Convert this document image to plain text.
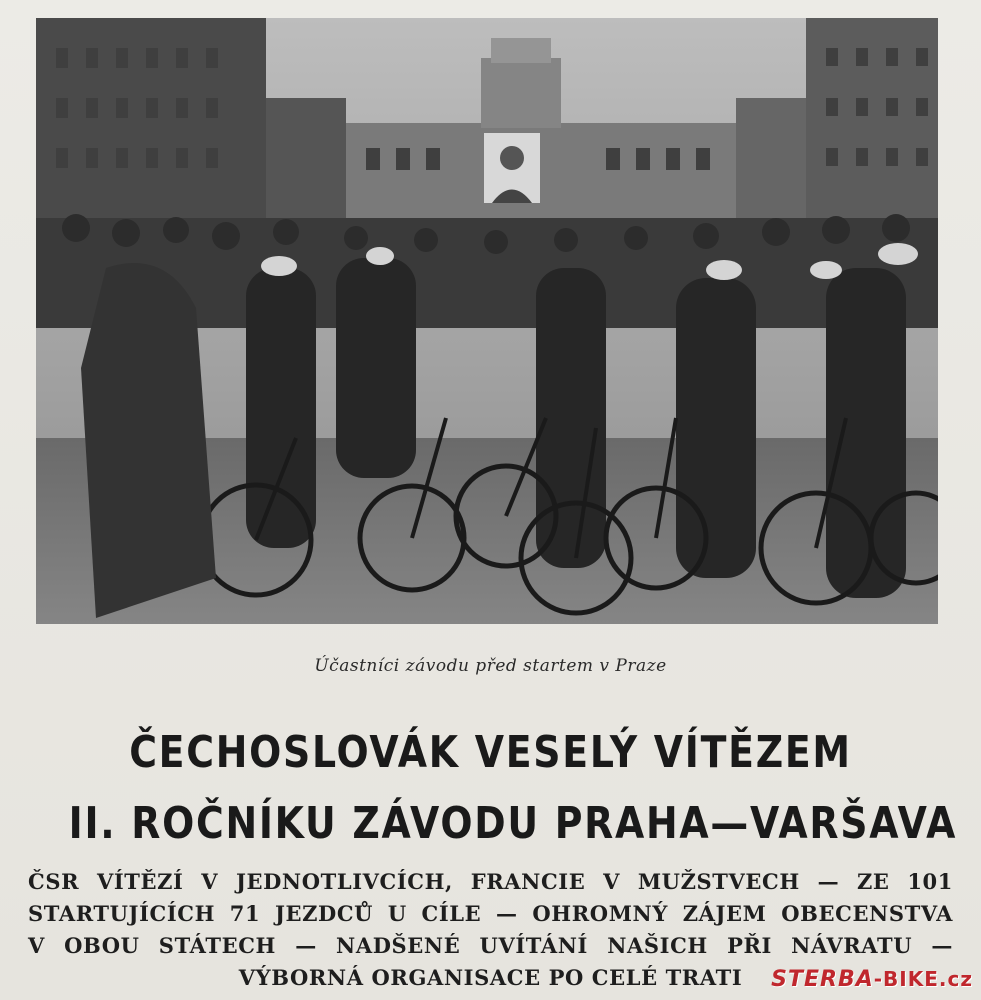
Účastníci závodu před startem v Praze
ČECHOSLOVÁK VESELÝ VÍTĚZEM
II. ROČNÍKU ZÁVODU PRAHA—VARŠAVA
ČSR VÍTĚZÍ V JEDNOTLIVCÍCH, FRANCIE V MUŽSTVECH — ZE 101
STARTUJÍCÍCH 71 JEZDCŮ U CÍLE — OHROMNÝ ZÁJEM OBECENSTVA
V OBOU STÁTECH — NADŠENÉ UVÍTÁNÍ NAŠICH PŘI NÁVRATU —
VÝBORNÁ ORGANISACE PO CELÉ TRATI	STERBA-BIKE.cz
